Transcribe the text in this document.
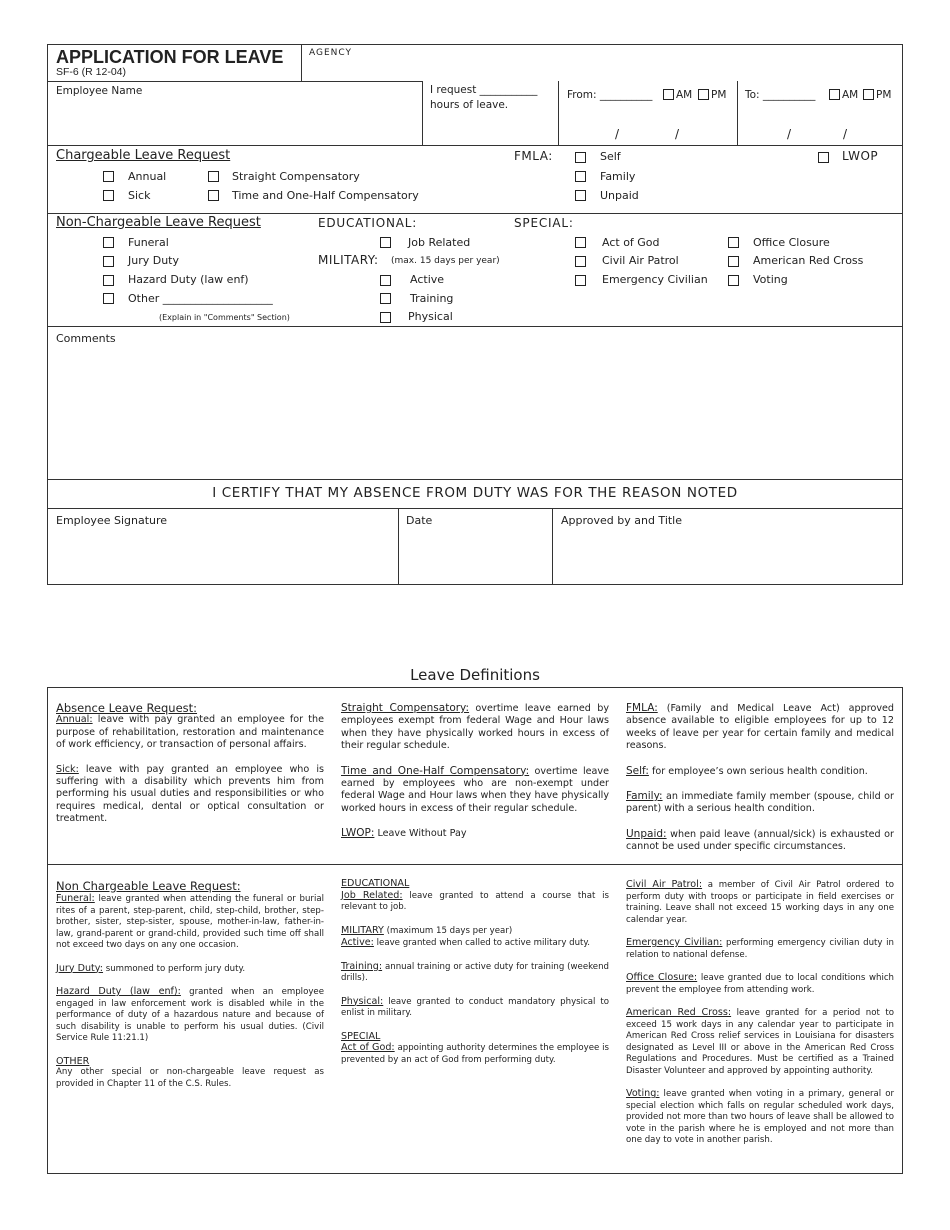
APPLICATION FOR LEAVE
SF-6 (R 12-04)
AGENCY
Employee Name	I request ___________
hours of leave.
From: __________ AM PM
/	/
To: __________	AM PM
/	/
Chargeable Leave Request
Annual
Sick
Straight Compensatory
Time and One-Half Compensatory
FMLA:	Self
Family
Unpaid
LWOP
Non-Chargeable Leave Request
Funeral
Jury Duty
Hazard Duty (law enf)
Other ____________________
(Explain in "Comments" Section)
EDUCATIONAL:
Job Related
MILITARY: (max. 15 days per year)
Active
Training
Physical
SPECIAL:
Act of God
Civil Air Patrol
Emergency Civilian
Office Closure
American Red Cross
Voting
Comments
I CERTIFY THAT MY ABSENCE FROM DUTY WAS FOR THE REASON NOTED
Employee Signature	Date	Approved by and Title
Leave Definitions
Absence Leave Request:

Annual: leave with pay granted an employee for the purpose of rehabilitation, restoration and maintenance of work efficiency, or transaction of personal affairs.

Sick: leave with pay granted an employee who is suffering with a disability which prevents him from performing his usual duties and responsibilities or who requires medical, dental or optical consultation or treatment.

Straight Compensatory: overtime leave earned by employees exempt from federal Wage and Hour laws when they have physically worked hours in excess of their regular schedule.

Time and One-Half Compensatory: overtime leave earned by employees who are non-exempt under federal Wage and Hour laws when they have physically worked hours in excess of their regular schedule.

LWOP: Leave Without Pay

FMLA: (Family and Medical Leave Act) approved absence available to eligible employees for up to 12 weeks of leave per year for certain family and medical reasons.

Self: for employee’s own serious health condition.

Family: an immediate family member (spouse, child or parent) with a serious health condition.

Unpaid: when paid leave (annual/sick) is exhausted or cannot be used under specific circumstances.

Non Chargeable Leave Request:

Funeral: leave granted when attending the funeral or burial rites of a parent, step-parent, child, step-child, brother, step-brother, sister, step-sister, spouse, mother-in-law, father-in-law, grand-parent or grand-child, provided such time off shall not exceed two days on any one occasion.

Jury Duty: summoned to perform jury duty.

Hazard Duty (law enf): granted when an employee engaged in law enforcement work is disabled while in the performance of duty of a hazardous nature and because of such disability is unable to perform his usual duties. (Civil Service Rule 11:21.1)

OTHER

Any other special or non-chargeable leave request as provided in Chapter 11 of the C.S. Rules.

EDUCATIONAL

Job Related: leave granted to attend a course that is relevant to job.

MILITARY (maximum 15 days per year)

Active: leave granted when called to active military duty.

Training: annual training or active duty for training (weekend drills).

Physical: leave granted to conduct mandatory physical to enlist in military.

SPECIAL

Act of God: appointing authority determines the employee is prevented by an act of God from performing duty.

Civil Air Patrol: a member of Civil Air Patrol ordered to perform duty with troops or participate in field exercises or training. Leave shall not exceed 15 working days in any one calendar year.

Emergency Civilian: performing emergency civilian duty in relation to national defense.

Office Closure: leave granted due to local conditions which prevent the employee from attending work.

American Red Cross: leave granted for a period not to exceed 15 work days in any calendar year to participate in American Red Cross relief services in Louisiana for disasters designated as Level III or above in the American Red Cross Regulations and Procedures. Must be certified as a Trained Disaster Volunteer and approved by appointing authority.

Voting: leave granted when voting in a primary, general or special election which falls on regular scheduled work days, provided not more than two hours of leave shall be allowed to vote in the parish where he is employed and not more than one day to vote in another parish.
